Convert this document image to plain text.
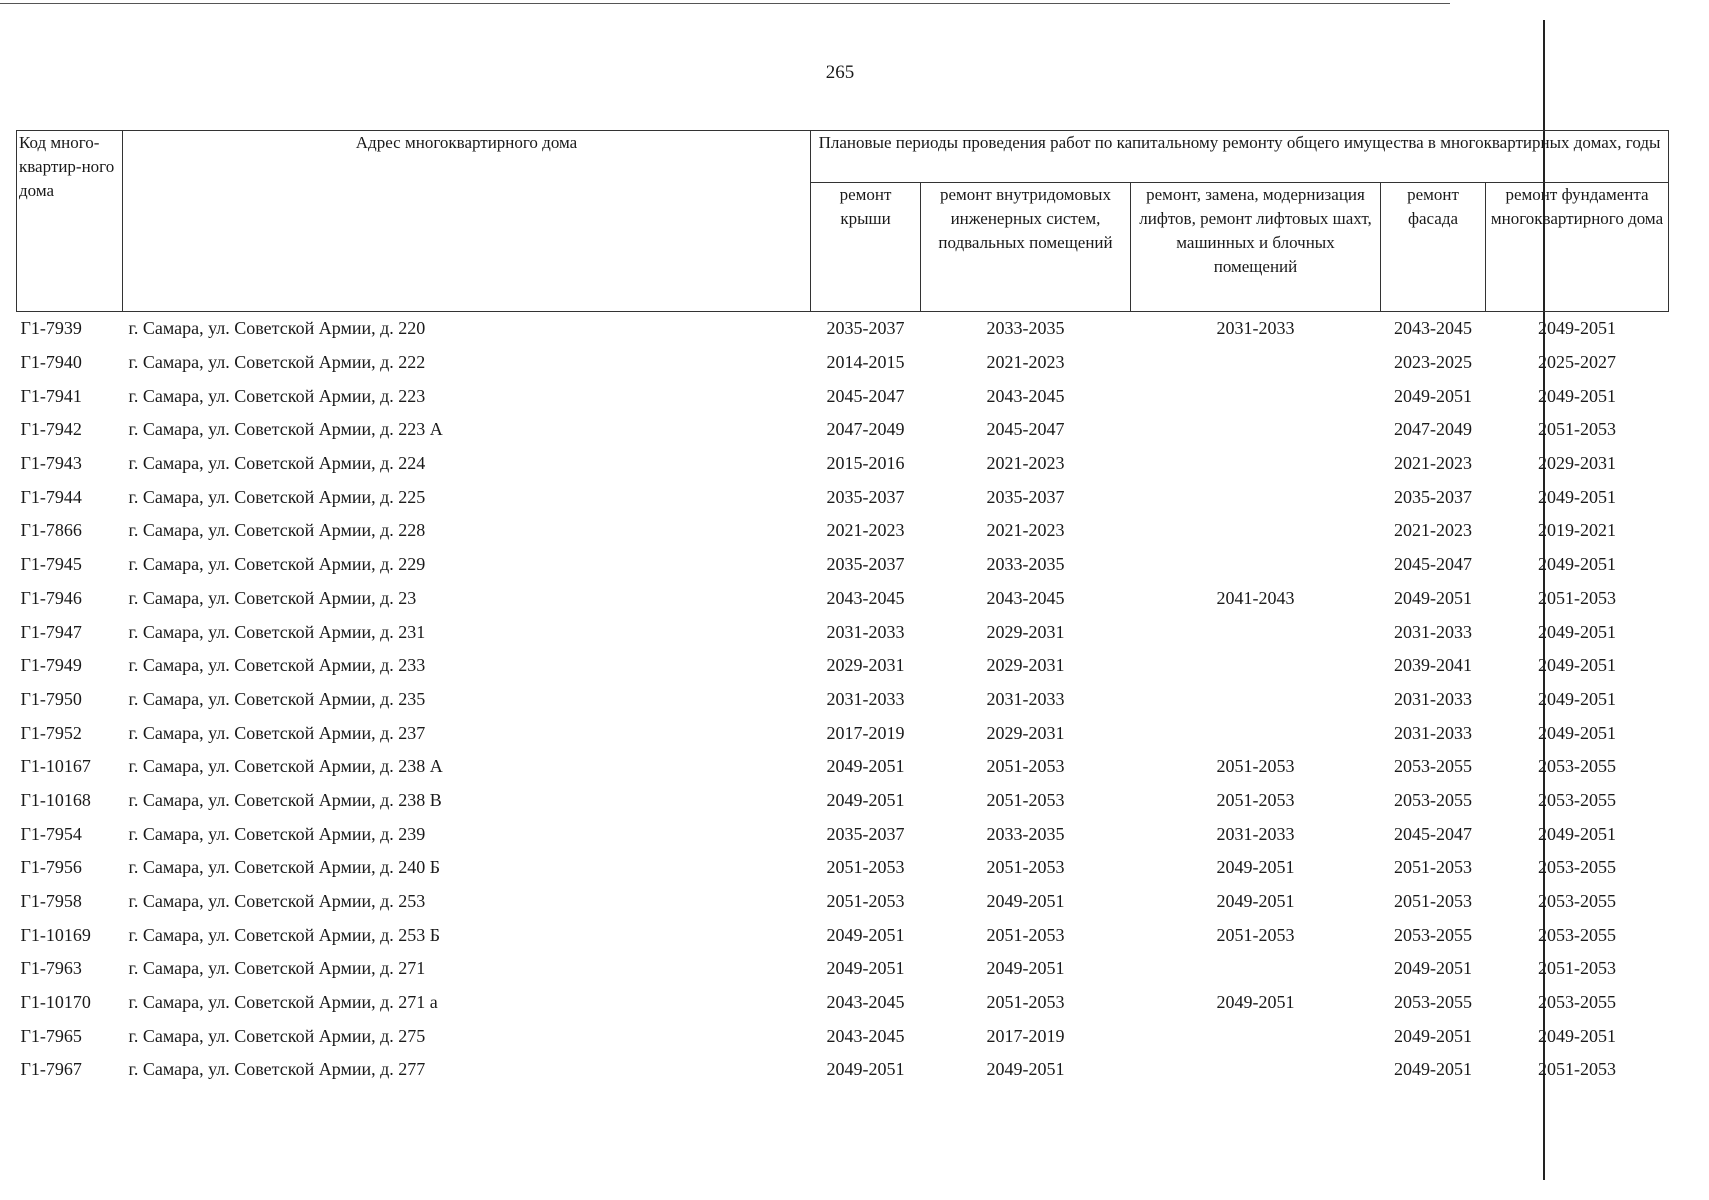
265
Код много-квартир-ного дома	Адрес многоквартирного дома	Плановые периоды проведения работ по капитальному ремонту общего имущества в многоквартирных домах, годы				
		ремонт крыши	ремонт внутридомовых инженерных систем, подвальных помещений	ремонт, замена, модернизация лифтов, ремонт лифтовых шахт, машинных и блочных помещений	ремонт фасада	ремонт фундамента многоквартирного дома
Г1-7939	г. Самара, ул. Советской Армии, д. 220	2035-2037	2033-2035	2031-2033	2043-2045	2049-2051
Г1-7940	г. Самара, ул. Советской Армии, д. 222	2014-2015	2021-2023		2023-2025	2025-2027
Г1-7941	г. Самара, ул. Советской Армии, д. 223	2045-2047	2043-2045		2049-2051	2049-2051
Г1-7942	г. Самара, ул. Советской Армии, д. 223 А	2047-2049	2045-2047		2047-2049	2051-2053
Г1-7943	г. Самара, ул. Советской Армии, д. 224	2015-2016	2021-2023		2021-2023	2029-2031
Г1-7944	г. Самара, ул. Советской Армии, д. 225	2035-2037	2035-2037		2035-2037	2049-2051
Г1-7866	г. Самара, ул. Советской Армии, д. 228	2021-2023	2021-2023		2021-2023	2019-2021
Г1-7945	г. Самара, ул. Советской Армии, д. 229	2035-2037	2033-2035		2045-2047	2049-2051
Г1-7946	г. Самара, ул. Советской Армии, д. 23	2043-2045	2043-2045	2041-2043	2049-2051	2051-2053
Г1-7947	г. Самара, ул. Советской Армии, д. 231	2031-2033	2029-2031		2031-2033	2049-2051
Г1-7949	г. Самара, ул. Советской Армии, д. 233	2029-2031	2029-2031		2039-2041	2049-2051
Г1-7950	г. Самара, ул. Советской Армии, д. 235	2031-2033	2031-2033		2031-2033	2049-2051
Г1-7952	г. Самара, ул. Советской Армии, д. 237	2017-2019	2029-2031		2031-2033	2049-2051
Г1-10167	г. Самара, ул. Советской Армии, д. 238 А	2049-2051	2051-2053	2051-2053	2053-2055	2053-2055
Г1-10168	г. Самара, ул. Советской Армии, д. 238 В	2049-2051	2051-2053	2051-2053	2053-2055	2053-2055
Г1-7954	г. Самара, ул. Советской Армии, д. 239	2035-2037	2033-2035	2031-2033	2045-2047	2049-2051
Г1-7956	г. Самара, ул. Советской Армии, д. 240 Б	2051-2053	2051-2053	2049-2051	2051-2053	2053-2055
Г1-7958	г. Самара, ул. Советской Армии, д. 253	2051-2053	2049-2051	2049-2051	2051-2053	2053-2055
Г1-10169	г. Самара, ул. Советской Армии, д. 253 Б	2049-2051	2051-2053	2051-2053	2053-2055	2053-2055
Г1-7963	г. Самара, ул. Советской Армии, д. 271	2049-2051	2049-2051		2049-2051	2051-2053
Г1-10170	г. Самара, ул. Советской Армии, д. 271 а	2043-2045	2051-2053	2049-2051	2053-2055	2053-2055
Г1-7965	г. Самара, ул. Советской Армии, д. 275	2043-2045	2017-2019		2049-2051	2049-2051
Г1-7967	г. Самара, ул. Советской Армии, д. 277	2049-2051	2049-2051		2049-2051	2051-2053
